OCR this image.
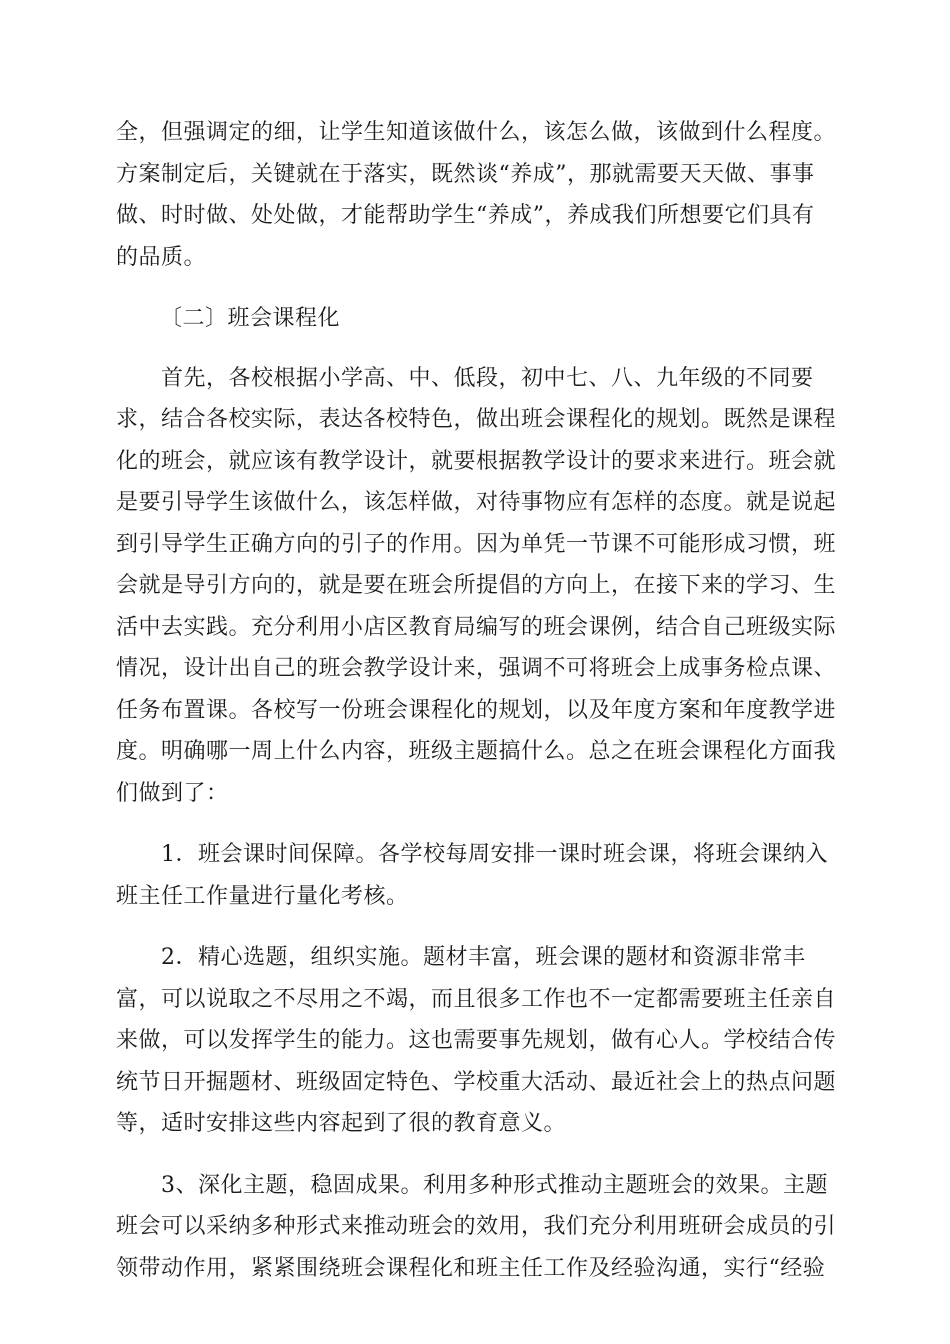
全，但强调定的细，让学生知道该做什么，该怎么做，该做到什么程度。
方案制定后，关键就在于落实，既然谈“养成”，那就需要天天做、事事
做、时时做、处处做，才能帮助学生“养成”，养成我们所想要它们具有
的品质。

〔二〕班会课程化

　　首先，各校根据小学高、中、低段，初中七、八、九年级的不同要
求，结合各校实际，表达各校特色，做出班会课程化的规划。既然是课程
化的班会，就应该有教学设计，就要根据教学设计的要求来进行。班会就
是要引导学生该做什么，该怎样做，对待事物应有怎样的态度。就是说起
到引导学生正确方向的引子的作用。因为单凭一节课不可能形成习惯，班
会就是导引方向的，就是要在班会所提倡的方向上，在接下来的学习、生
活中去实践。充分利用小店区教育局编写的班会课例，结合自己班级实际
情况，设计出自己的班会教学设计来，强调不可将班会上成事务检点课、
任务布置课。各校写一份班会课程化的规划，以及年度方案和年度教学进
度。明确哪一周上什么内容，班级主题搞什么。总之在班会课程化方面我
们做到了：

　　1．班会课时间保障。各学校每周安排一课时班会课，将班会课纳入
班主任工作量进行量化考核。

　　2．精心选题，组织实施。题材丰富，班会课的题材和资源非常丰
富，可以说取之不尽用之不竭，而且很多工作也不一定都需要班主任亲自
来做，可以发挥学生的能力。这也需要事先规划，做有心人。学校结合传
统节日开掘题材、班级固定特色、学校重大活动、最近社会上的热点问题
等，适时安排这些内容起到了很的教育意义。

　　3、深化主题，稳固成果。利用多种形式推动主题班会的效果。主题
班会可以采纳多种形式来推动班会的效用，我们充分利用班研会成员的引
领带动作用，紧紧围绕班会课程化和班主任工作及经验沟通，实行“经验
